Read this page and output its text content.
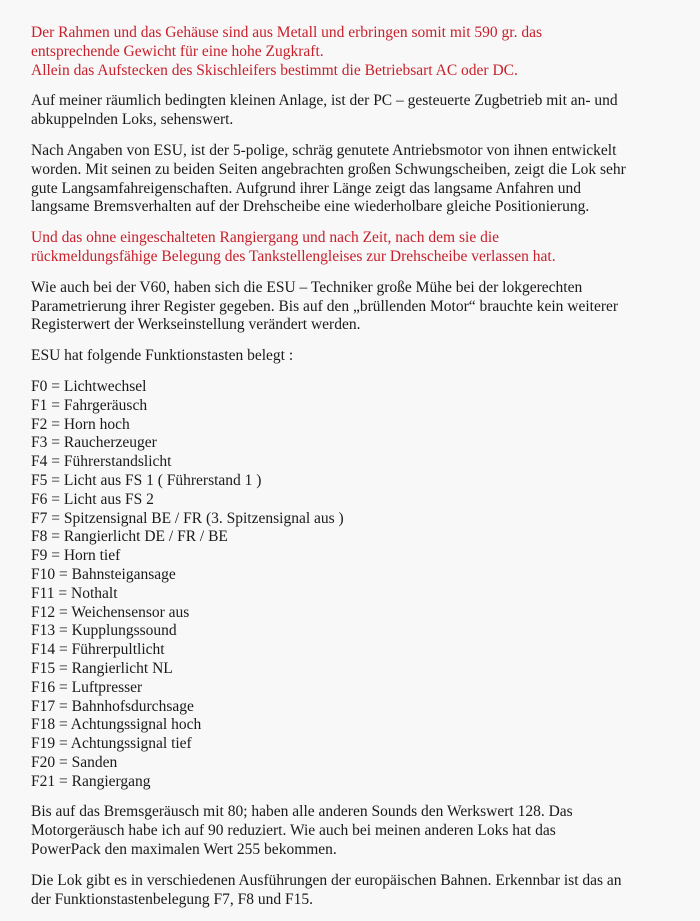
Der Rahmen und das Gehäuse sind aus Metall und erbringen somit mit 590 gr. das
entsprechende Gewicht für eine hohe Zugkraft.
Allein das Aufstecken des Skischleifers bestimmt die Betriebsart AC oder DC.

Auf meiner räumlich bedingten kleinen Anlage, ist der PC – gesteuerte Zugbetrieb mit an- und
abkuppelnden Loks, sehenswert.

Nach Angaben von ESU, ist der 5-polige, schräg genutete Antriebsmotor von ihnen entwickelt
worden. Mit seinen zu beiden Seiten angebrachten großen Schwungscheiben, zeigt die Lok sehr
gute Langsamfahreigenschaften. Aufgrund ihrer Länge zeigt das langsame Anfahren und
langsame Bremsverhalten auf der Drehscheibe eine wiederholbare gleiche Positionierung.

Und das ohne eingeschalteten Rangiergang und nach Zeit, nach dem sie die
rückmeldungsfähige Belegung des Tankstellengleises zur Drehscheibe verlassen hat.

Wie auch bei der V60, haben sich die ESU – Techniker große Mühe bei der lokgerechten
Parametrierung ihrer Register gegeben. Bis auf den „brüllenden Motor“ brauchte kein weiterer
Registerwert der Werkseinstellung verändert werden.

ESU hat folgende Funktionstasten belegt :

F0 = Lichtwechsel
F1 = Fahrgeräusch
F2 = Horn hoch
F3 = Raucherzeuger
F4 = Führerstandslicht
F5 = Licht aus FS 1 ( Führerstand 1 )
F6 = Licht aus FS 2
F7 = Spitzensignal BE / FR (3. Spitzensignal aus )
F8 = Rangierlicht DE / FR / BE
F9 = Horn tief
F10 = Bahnsteigansage
F11 = Nothalt
F12 = Weichensensor aus
F13 = Kupplungssound
F14 = Führerpultlicht
F15 = Rangierlicht NL
F16 = Luftpresser
F17 = Bahnhofsdurchsage
F18 = Achtungssignal hoch
F19 = Achtungssignal tief
F20 = Sanden
F21 = Rangiergang

Bis auf das Bremsgeräusch mit 80; haben alle anderen Sounds den Werkswert 128. Das
Motorgeräusch habe ich auf 90 reduziert. Wie auch bei meinen anderen Loks hat das
PowerPack den maximalen Wert 255 bekommen.

Die Lok gibt es in verschiedenen Ausführungen der europäischen Bahnen. Erkennbar ist das an
der Funktionstastenbelegung F7, F8 und F15.
